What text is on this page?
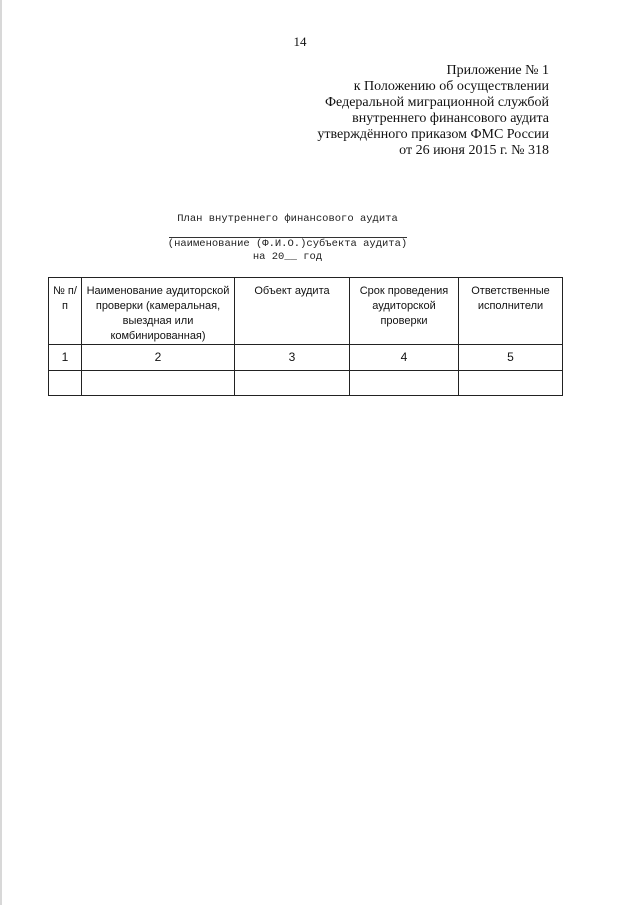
14
Приложение № 1
к Положению об осуществлении
Федеральной миграционной службой
внутреннего финансового аудита
утверждённого приказом ФМС России
от 26 июня 2015 г. № 318
План внутреннего финансового аудита
(наименование (Ф.И.О.)субъекта аудита)
на 20__ год
№ п/п	Наименование аудиторской проверки (камеральная, выездная или комбинированная)	Объект аудита	Срок проведения аудиторской проверки	Ответственные исполнители
1	2	3	4	5
